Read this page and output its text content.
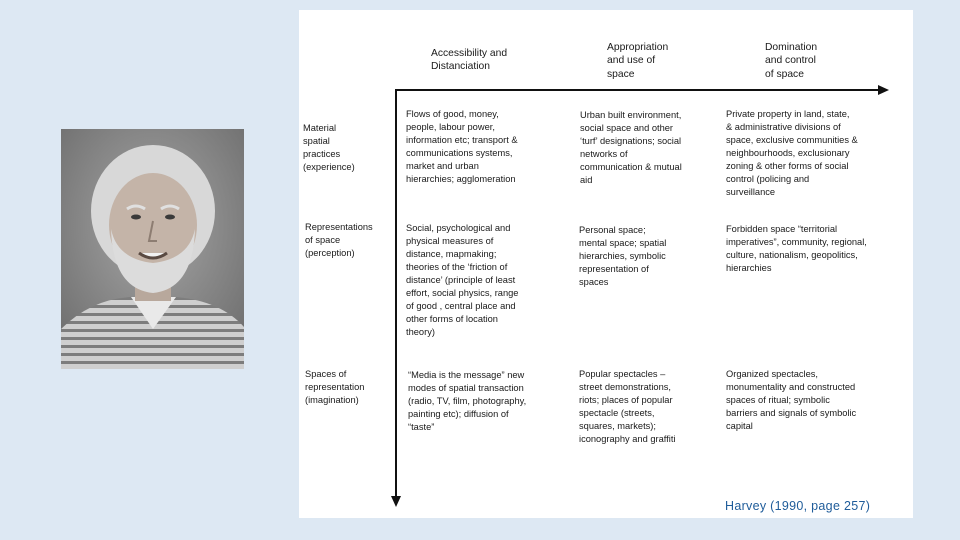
Accessibility and
Distanciation
Appropriation
and use of
space
Domination
and control
of space
Material
spatial
practices
(experience)
Flows of good, money,
people, labour power,
information etc; transport &
communications systems,
market and urban
hierarchies; agglomeration
Urban built environment,
social space and other
‘turf’ designations; social
networks of
communication & mutual
aid
Private property in land, state,
& administrative divisions of
space, exclusive communities &
neighbourhoods, exclusionary
zoning & other forms of social
control (policing and
surveillance
Representations
of space
(perception)
Social, psychological and
physical measures of
distance, mapmaking;
theories of the ‘friction of
distance’ (principle of least
effort, social physics, range
of good , central place and
other forms of location
theory)
Personal space;
mental space; spatial
hierarchies, symbolic
representation of
spaces
Forbidden space “territorial
imperatives”, community, regional,
culture, nationalism, geopolitics,
hierarchies
Spaces of
representation
(imagination)
“Media is the message” new
modes of spatial transaction
(radio, TV, film, photography,
painting etc); diffusion of
“taste”
Popular spectacles –
street demonstrations,
riots; places of popular
spectacle (streets,
squares, markets);
iconography and graffiti
Organized spectacles,
monumentality and constructed
spaces of ritual; symbolic
barriers and signals of symbolic
capital
Harvey (1990, page 257)
